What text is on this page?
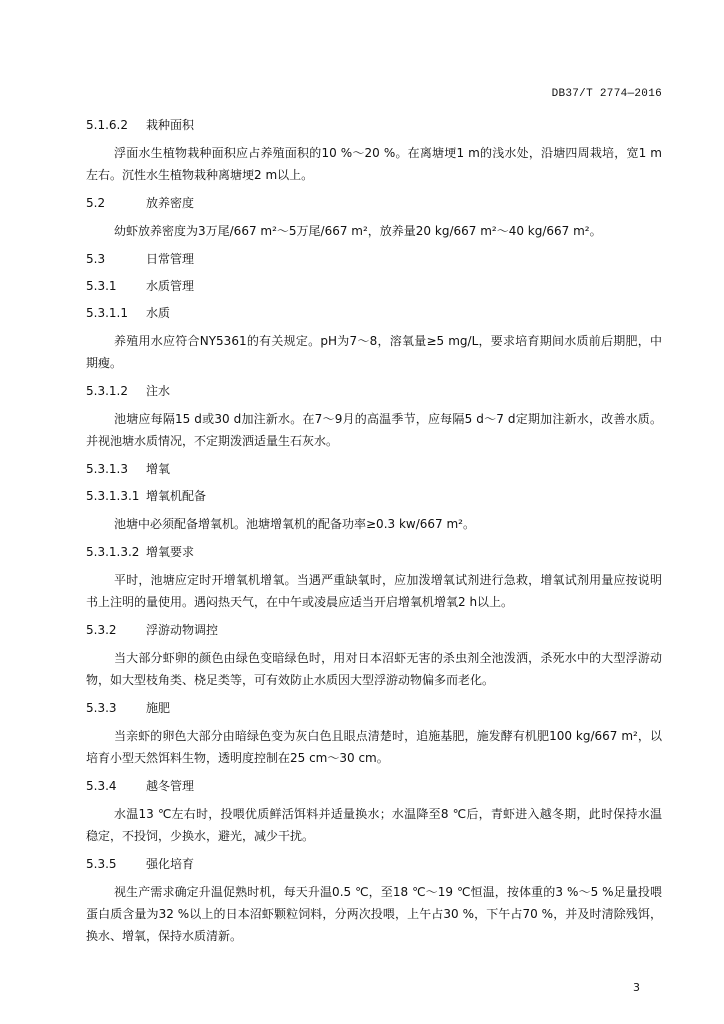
DB37/T 2774—2016

5.1.6.2 栽种面积

浮面水生植物栽种面积应占养殖面积的10 %～20 %。在离塘埂1 m的浅水处，沿塘四周栽培，宽1 m左右。沉性水生植物栽种离塘埂2 m以上。

5.2	放养密度

幼虾放养密度为3万尾/667 m²～5万尾/667 m²，放养量20 kg/667 m²～40 kg/667 m²。

5.3	日常管理

5.3.1 水质管理

5.3.1.1 水质

养殖用水应符合NY5361的有关规定。pH为7～8，溶氧量≥5 mg/L，要求培育期间水质前后期肥，中期瘦。

5.3.1.2 注水

池塘应每隔15 d或30 d加注新水。在7～9月的高温季节，应每隔5 d～7 d定期加注新水，改善水质。并视池塘水质情况，不定期泼洒适量生石灰水。

5.3.1.3 增氧

5.3.1.3.1 增氧机配备

池塘中必须配备增氧机。池塘增氧机的配备功率≥0.3 kw/667 m²。

5.3.1.3.2 增氧要求

平时，池塘应定时开增氧机增氧。当遇严重缺氧时，应加泼增氧试剂进行急救，增氧试剂用量应按说明书上注明的量使用。遇闷热天气，在中午或凌晨应适当开启增氧机增氧2 h以上。

5.3.2 浮游动物调控

当大部分虾卵的颜色由绿色变暗绿色时，用对日本沼虾无害的杀虫剂全池泼洒，杀死水中的大型浮游动物，如大型枝角类、桡足类等，可有效防止水质因大型浮游动物偏多而老化。

5.3.3 施肥

当亲虾的卵色大部分由暗绿色变为灰白色且眼点清楚时，追施基肥，施发酵有机肥100 kg/667 m²，以培育小型天然饵料生物，透明度控制在25 cm～30 cm。

5.3.4 越冬管理

水温13 ℃左右时，投喂优质鲜活饵料并适量换水；水温降至8 ℃后，青虾进入越冬期，此时保持水温稳定，不投饲，少换水，避光，减少干扰。

5.3.5 强化培育

视生产需求确定升温促熟时机，每天升温0.5 ℃，至18 ℃～19 ℃恒温，按体重的3 %～5 %足量投喂蛋白质含量为32 %以上的日本沼虾颗粒饲料，分两次投喂，上午占30 %，下午占70 %，并及时清除残饵，换水、增氧，保持水质清新。

3
